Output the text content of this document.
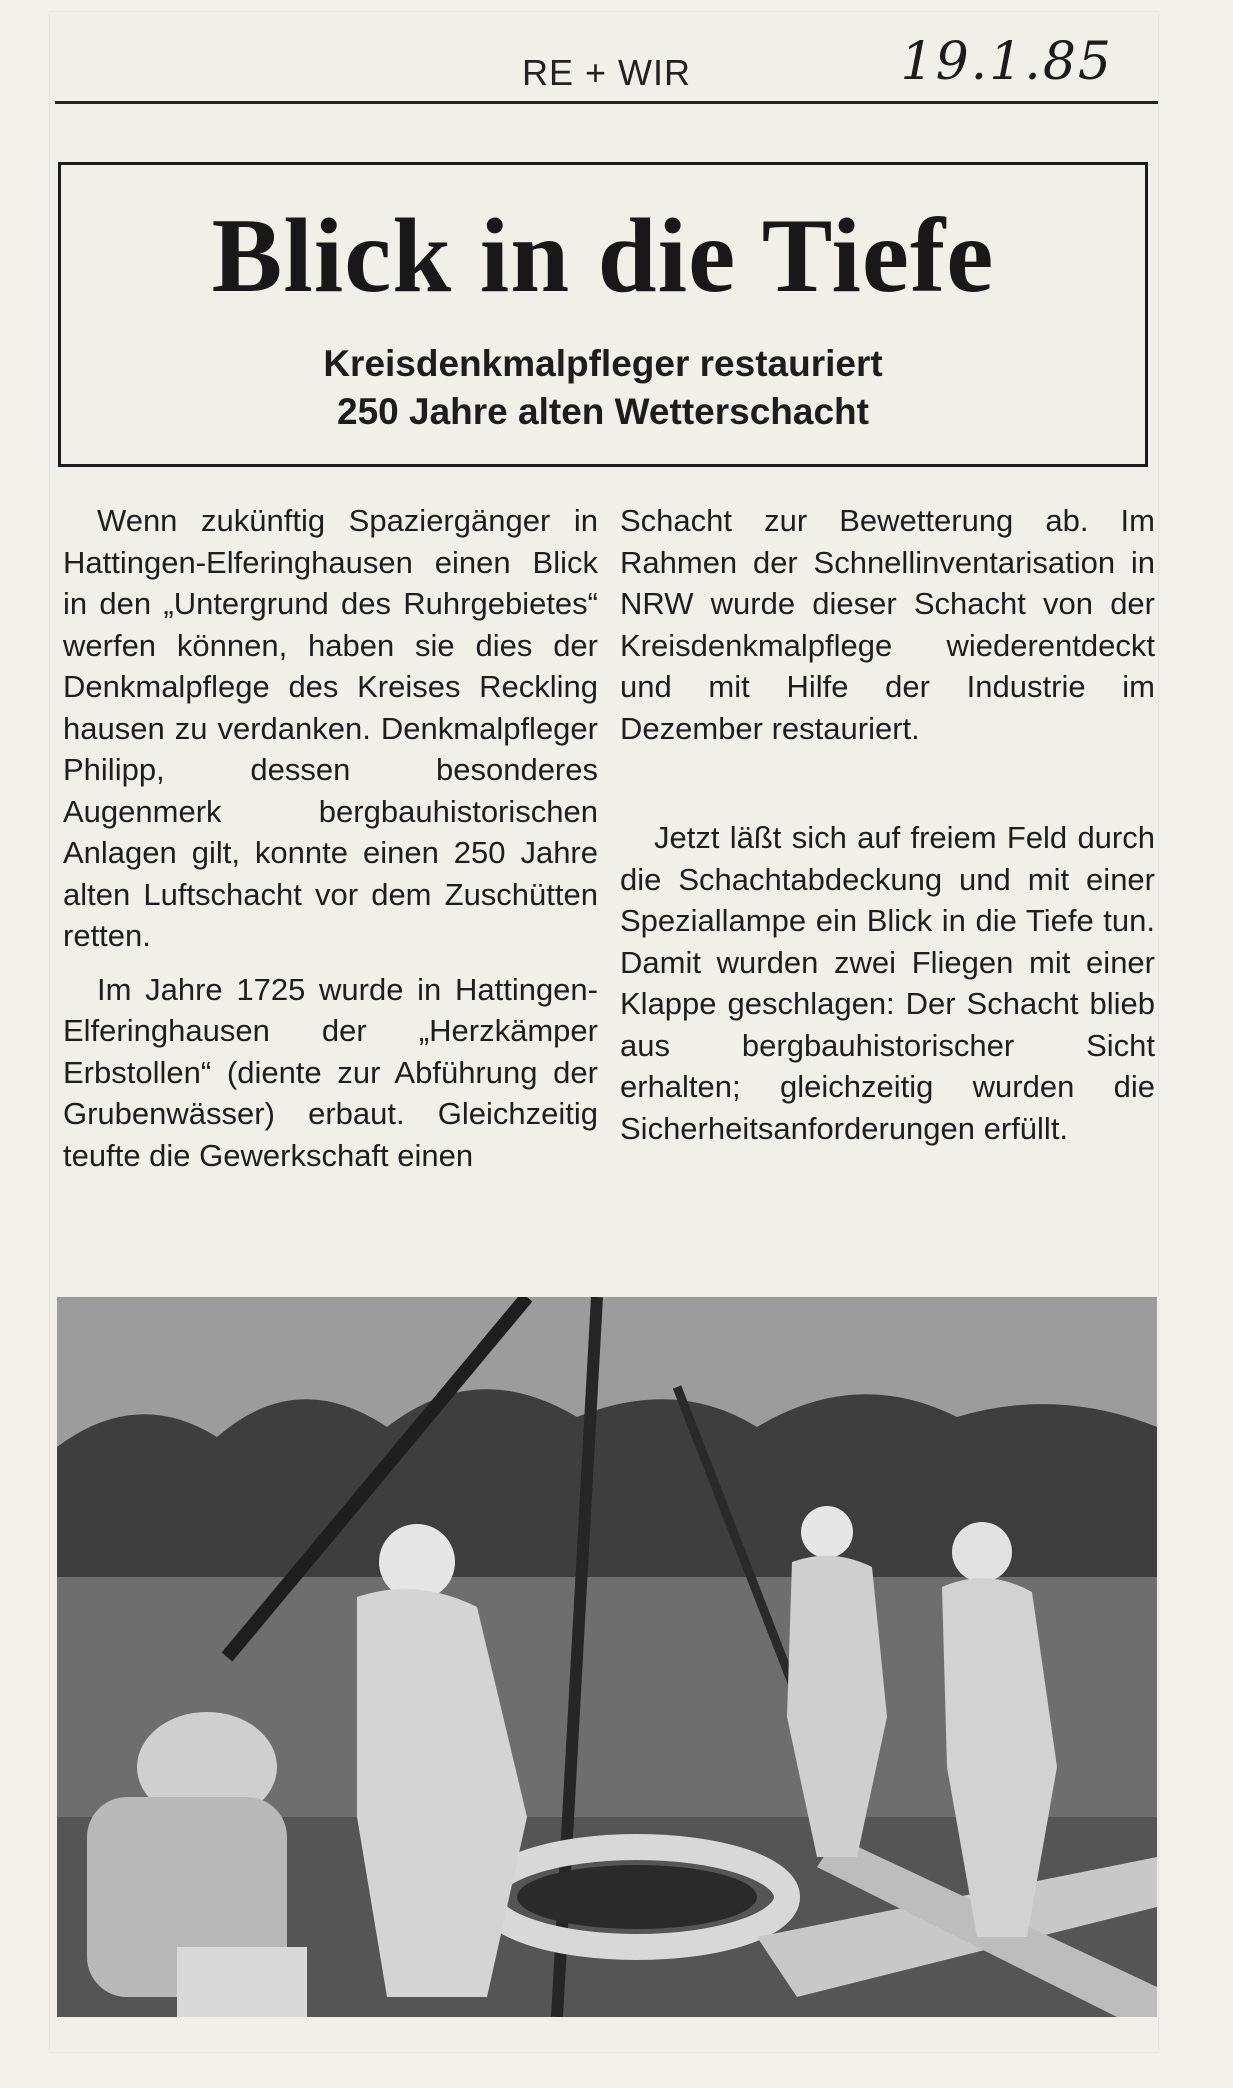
RE + WIR	19.1.85
Blick in die Tiefe
Kreisdenkmalpfleger restauriert
250 Jahre alten Wetterschacht

Wenn zukünftig Spaziergänger in Hattingen-Elferinghausen einen Blick in den „Untergrund des Ruhrgebietes“ werfen können, haben sie dies der Denkmalpflege des Kreises Reckling hausen zu verdanken. Denkmalpfleger Philipp, dessen besonderes Augenmerk bergbauhistorischen Anlagen gilt, konnte einen 250 Jahre alten Luftschacht vor dem Zuschütten retten.

Im Jahre 1725 wurde in Hattingen-Elferinghausen der „Herzkämper Erbstollen“ (diente zur Abführung der Grubenwässer) erbaut. Gleichzeitig teufte die Gewerkschaft einen

Schacht zur Bewetterung ab. Im Rahmen der Schnellinventarisation in NRW wurde dieser Schacht von der Kreisdenkmalpflege wiederentdeckt und mit Hilfe der Industrie im Dezember restauriert.

Jetzt läßt sich auf freiem Feld durch die Schachtabdeckung und mit einer Speziallampe ein Blick in die Tiefe tun. Damit wurden zwei Fliegen mit einer Klappe geschlagen: Der Schacht blieb aus bergbauhistorischer Sicht erhalten; gleichzeitig wurden die Sicherheitsanforderungen erfüllt.
